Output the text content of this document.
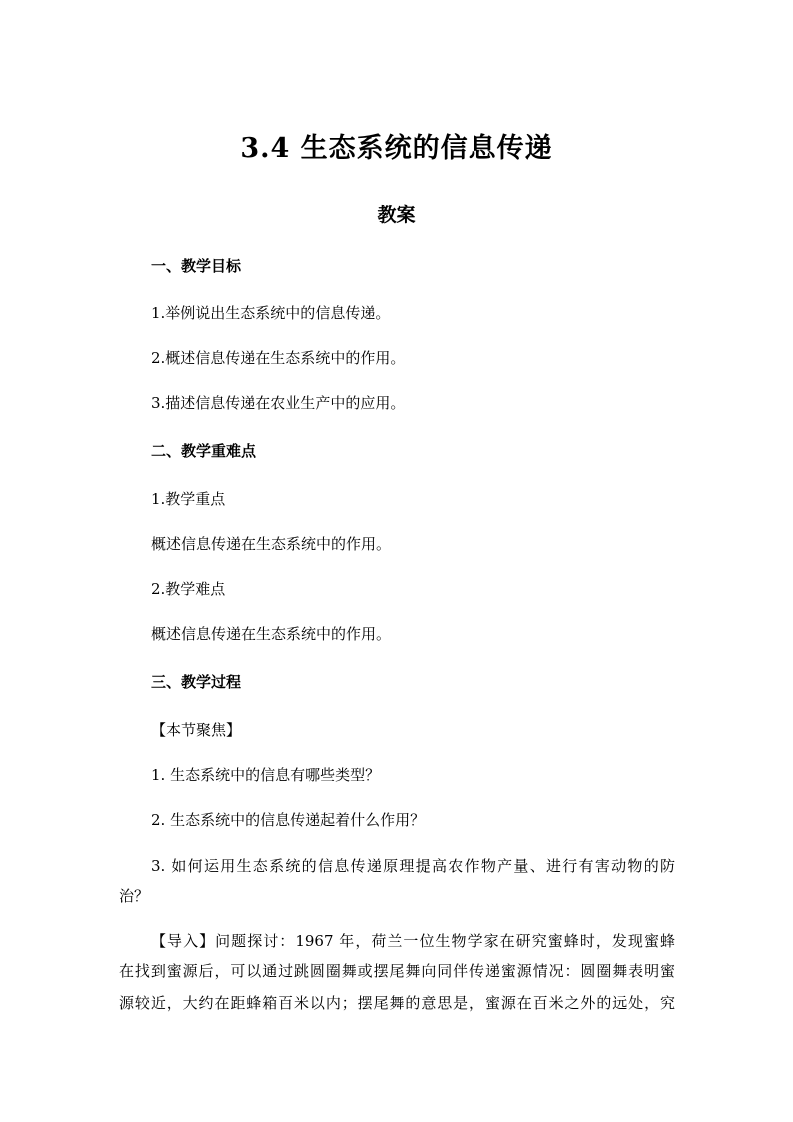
3.4 生态系统的信息传递
教案
一、教学目标
1.举例说出生态系统中的信息传递。
2.概述信息传递在生态系统中的作用。
3.描述信息传递在农业生产中的应用。
二、教学重难点
1.教学重点
概述信息传递在生态系统中的作用。
2.教学难点
概述信息传递在生态系统中的作用。
三、教学过程
【本节聚焦】
1. 生态系统中的信息有哪些类型？
2. 生态系统中的信息传递起着什么作用？
3. 如何运用生态系统的信息传递原理提高农作物产量、进行有害动物的防
治？
【导入】问题探讨：1967 年，荷兰一位生物学家在研究蜜蜂时，发现蜜蜂
在找到蜜源后，可以通过跳圆圈舞或摆尾舞向同伴传递蜜源情况：圆圈舞表明蜜
源较近，大约在距蜂箱百米以内；摆尾舞的意思是，蜜源在百米之外的远处，究
